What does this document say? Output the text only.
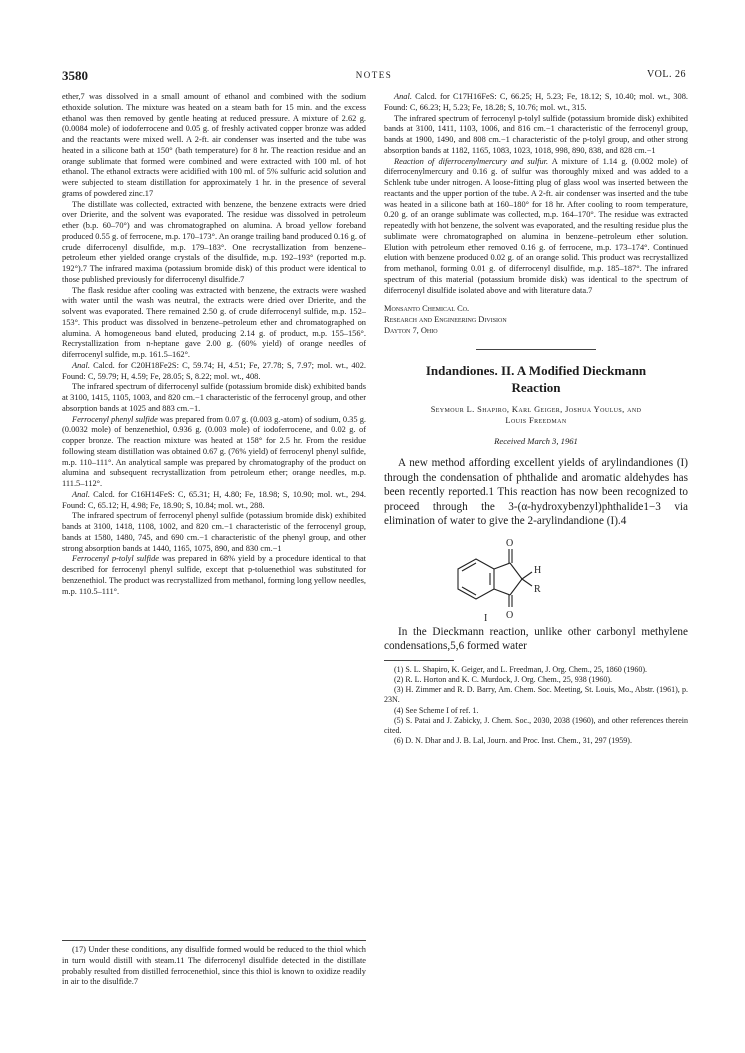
3580	NOTES	VOL. 26

ether,7 was dissolved in a small amount of ethanol and combined with the sodium ethoxide solution. The mixture was heated on a steam bath for 15 min. and the excess ethanol was then removed by gentle heating at reduced pressure. A mixture of 2.62 g. (0.0084 mole) of iodoferrocene and 0.05 g. of freshly activated copper bronze was added and the reactants were mixed well. A 2-ft. air condenser was inserted and the tube was heated in a silicone bath at 150° (bath temperature) for 8 hr. The reaction residue and an orange sublimate that formed were combined and were extracted with 100 ml. of hot ethanol. The ethanol extracts were acidified with 100 ml. of 5% sulfuric acid solution and were subjected to steam distillation for approximately 1 hr. in the presence of several grams of powdered zinc.17

The distillate was collected, extracted with benzene, the benzene extracts were dried over Drierite, and the solvent was evaporated. The residue was dissolved in petroleum ether (b.p. 60–70°) and was chromatographed on alumina. A broad yellow foreband produced 0.55 g. of ferrocene, m.p. 170–173°. An orange trailing band produced 0.16 g. of crude diferrocenyl disulfide, m.p. 179–183°. One recrystallization from benzene–petroleum ether yielded orange crystals of the disulfide, m.p. 192–193° (reported m.p. 192°).7 The infrared maxima (potassium bromide disk) of this product were identical to those published previously for diferrocenyl disulfide.7

The flask residue after cooling was extracted with benzene, the extracts were washed with water until the wash was neutral, the extracts were dried over Drierite, and the solvent was evaporated. There remained 2.50 g. of crude diferrocenyl sulfide, m.p. 152–153°. This product was dissolved in benzene–petroleum ether and chromatographed on alumina. A homogeneous band eluted, producing 2.14 g. of product, m.p. 155–156°. Recrystallization from n-heptane gave 2.00 g. (60% yield) of orange needles of diferrocenyl sulfide, m.p. 161.5–162°.

Anal. Calcd. for C20H18Fe2S: C, 59.74; H, 4.51; Fe, 27.78; S, 7.97; mol. wt., 402. Found: C, 59.79; H, 4.59; Fe, 28.05; S, 8.22; mol. wt., 408.

The infrared spectrum of diferrocenyl sulfide (potassium bromide disk) exhibited bands at 3100, 1415, 1105, 1003, and 820 cm.−1 characteristic of the ferrocenyl group, and other absorption bands at 1025 and 883 cm.−1.

Ferrocenyl phenyl sulfide was prepared from 0.07 g. (0.003 g.-atom) of sodium, 0.35 g. (0.0032 mole) of benzenethiol, 0.936 g. (0.003 mole) of iodoferrocene, and 0.02 g. of copper bronze. The reaction mixture was heated at 158° for 2.5 hr. From the residue following steam distillation was obtained 0.67 g. (76% yield) of ferrocenyl phenyl sulfide, m.p. 110–111°. An analytical sample was prepared by chromatography of the product on alumina and subsequent recrystallization from petroleum ether; orange needles, m.p. 111.5–112°.

Anal. Calcd. for C16H14FeS: C, 65.31; H, 4.80; Fe, 18.98; S, 10.90; mol. wt., 294. Found: C, 65.12; H, 4.98; Fe, 18.90; S, 10.84; mol. wt., 288.

The infrared spectrum of ferrocenyl phenyl sulfide (potassium bromide disk) exhibited bands at 3100, 1418, 1108, 1002, and 820 cm.−1 characteristic of the ferrocenyl group, bands at 1580, 1480, 745, and 690 cm.−1 characteristic of the phenyl group, and other strong absorption bands at 1440, 1165, 1075, 890, and 830 cm.−1

Ferrocenyl p-tolyl sulfide was prepared in 68% yield by a procedure identical to that described for ferrocenyl phenyl sulfide, except that p-toluenethiol was substituted for benzenethiol. The product was recrystallized from methanol, forming long yellow needles, m.p. 110.5–111°.

(17) Under these conditions, any disulfide formed would be reduced to the thiol which in turn would distill with steam.11 The diferrocenyl disulfide detected in the distillate probably resulted from distilled ferrocenethiol, since this thiol is known to oxidize readily in air to the disulfide.7

Anal. Calcd. for C17H16FeS: C, 66.25; H, 5.23; Fe, 18.12; S, 10.40; mol. wt., 308. Found: C, 66.23; H, 5.23; Fe, 18.28; S, 10.76; mol. wt., 315.

The infrared spectrum of ferrocenyl p-tolyl sulfide (potassium bromide disk) exhibited bands at 3100, 1411, 1103, 1006, and 816 cm.−1 characteristic of the ferrocenyl group, bands at 1900, 1490, and 808 cm.−1 characteristic of the p-tolyl group, and other strong absorption bands at 1182, 1165, 1083, 1023, 1018, 998, 890, 838, and 828 cm.−1

Reaction of diferrocenylmercury and sulfur. A mixture of 1.14 g. (0.002 mole) of diferrocenylmercury and 0.16 g. of sulfur was thoroughly mixed and was added to a Schlenk tube under nitrogen. A loose-fitting plug of glass wool was inserted between the reactants and the upper portion of the tube. A 2-ft. air condenser was inserted and the tube was heated in a silicone bath at 160–180° for 18 hr. After cooling to room temperature, 0.20 g. of an orange sublimate was collected, m.p. 164–170°. The residue was extracted repeatedly with hot benzene, the solvent was evaporated, and the resulting residue plus the sublimate were chromatographed on alumina in benzene–petroleum ether solution. Elution with petroleum ether removed 0.16 g. of ferrocene, m.p. 173–174°. Continued elution with benzene produced 0.02 g. of an orange solid. This product was recrystallized from methanol, forming 0.01 g. of diferrocenyl disulfide, m.p. 185–187°. The infrared spectrum of this material (potassium bromide disk) was identical to the spectrum of diferrocenyl disulfide isolated above and with literature data.7

Monsanto Chemical Co.
Research and Engineering Division
Dayton 7, Ohio
Indandiones. II. A Modified Dieckmann
Reaction
Seymour L. Shapiro, Karl Geiger, Joshua Youlus, and
Louis Freedman
Received March 3, 1961

A new method affording excellent yields of arylindandiones (I) through the condensation of phthalide and aromatic aldehydes has been recently reported.1 This reaction has now been recognized to proceed through the 3-(α-hydroxybenzyl)phthalide1−3 via elimination of water to give the 2-arylindandione (I).4

O
O
H
R
I

In the Dieckmann reaction, unlike other carbonyl methylene condensations,5,6 formed water

(1) S. L. Shapiro, K. Geiger, and L. Freedman, J. Org. Chem., 25, 1860 (1960).
(2) R. L. Horton and K. C. Murdock, J. Org. Chem., 25, 938 (1960).
(3) H. Zimmer and R. D. Barry, Am. Chem. Soc. Meeting, St. Louis, Mo., Abstr. (1961), p. 23N.
(4) See Scheme I of ref. 1.
(5) S. Patai and J. Zabicky, J. Chem. Soc., 2030, 2038 (1960), and other references therein cited.
(6) D. N. Dhar and J. B. Lal, Journ. and Proc. Inst. Chem., 31, 297 (1959).
